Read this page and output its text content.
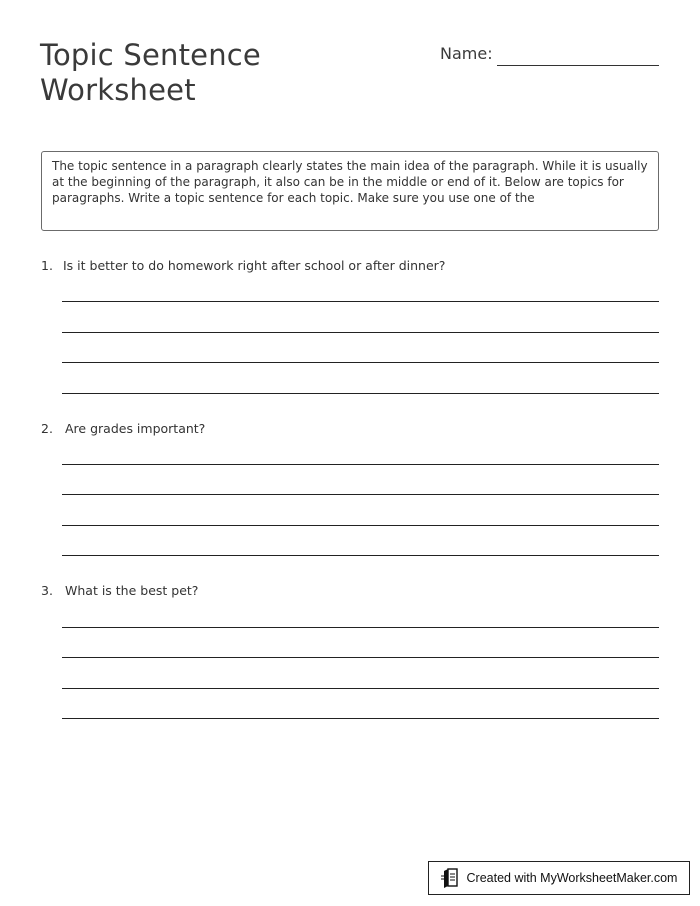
Topic Sentence
Worksheet
Name:
The topic sentence in a paragraph clearly states the main idea of the paragraph. While it is usually at the beginning of the paragraph, it also can be in the middle or end of it. Below are topics for paragraphs. Write a topic sentence for each topic. Make sure you use one of the
1. Is it better to do homework right after school or after dinner?
2. Are grades important?
3. What is the best pet?
Created with MyWorksheetMaker.com
